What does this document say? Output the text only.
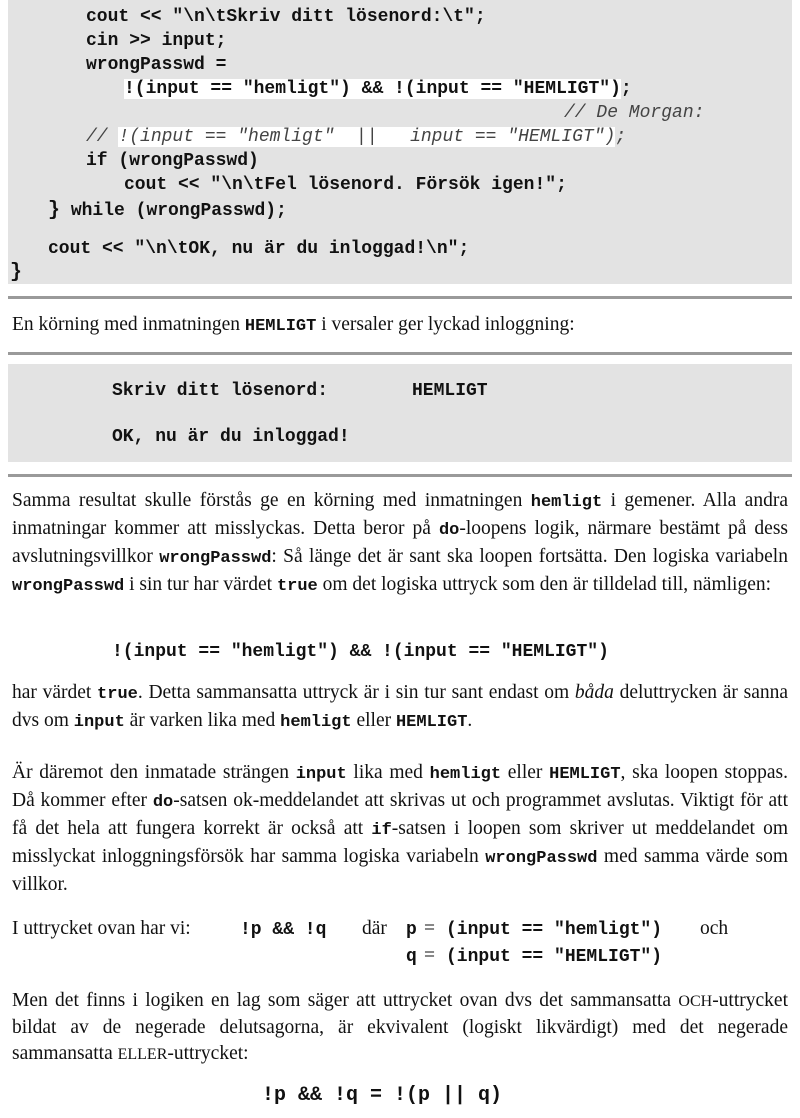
cout << "\n\tSkriv ditt lösenord:\t";
cin >> input;
wrongPasswd =
!(input == "hemligt") && !(input == "HEMLIGT");
// De Morgan:
// !(input == "hemligt"  ||   input == "HEMLIGT");
if (wrongPasswd)
cout << "\n\tFel lösenord. Försök igen!";
} while (wrongPasswd);
cout << "\n\tOK, nu är du inloggad!\n";
}
En körning med inmatningen HEMLIGT i versaler ger lyckad inloggning:
Skriv ditt lösenord:	HEMLIGT
OK, nu är du inloggad!
Samma resultat skulle förstås ge en körning med inmatningen hemligt i gemener. Alla andra inmatningar kommer att misslyckas. Detta beror på do-loopens logik, närmare bestämt på dess avslutningsvillkor wrongPasswd: Så länge det är sant ska loopen fortsätta. Den logiska variabeln wrongPasswd i sin tur har värdet true om det logiska uttryck som den är tilldelad till, nämligen:
!(input == "hemligt") && !(input == "HEMLIGT")
har värdet true. Detta sammansatta uttryck är i sin tur sant endast om båda deluttrycken är sanna dvs om input är varken lika med hemligt eller HEMLIGT.
Är däremot den inmatade strängen input lika med hemligt eller HEMLIGT, ska loopen stoppas. Då kommer efter do-satsen ok-meddelandet att skrivas ut och programmet avslutas. Viktigt för att få det hela att fungera korrekt är också att if-satsen i loopen som skriver ut meddelandet om misslyckat inloggningsförsök har samma logiska variabeln wrongPasswd med samma värde som villkor.
I uttrycket ovan har vi:	!p && !q där p = (input == "hemligt") och
q = (input == "HEMLIGT")
Men det finns i logiken en lag som säger att uttrycket ovan dvs det sammansatta OCH-uttrycket bildat av de negerade delutsagorna, är ekvivalent (logiskt likvärdigt) med det negerade sammansatta ELLER-uttrycket:
!p && !q = !(p || q)
